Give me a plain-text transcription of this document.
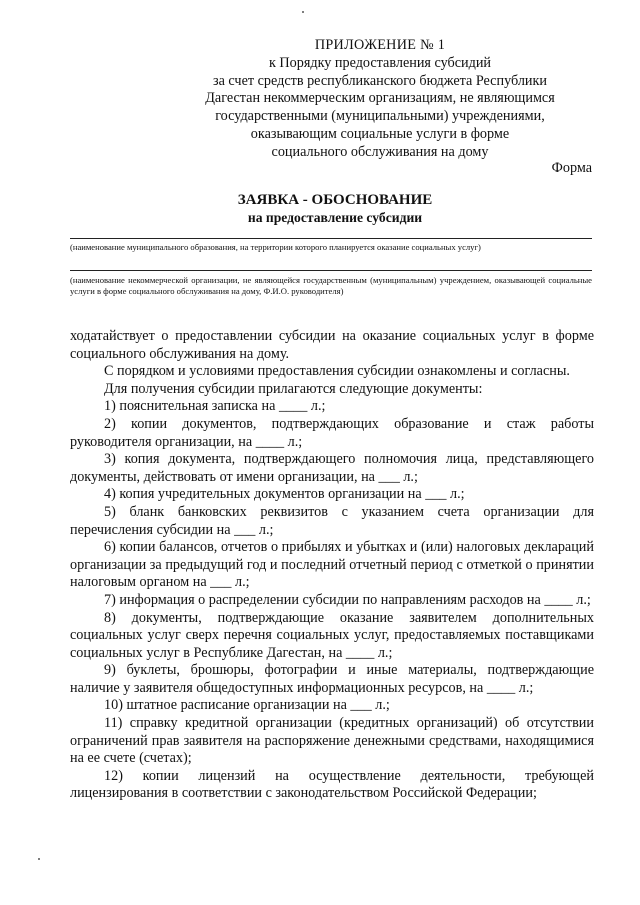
ПРИЛОЖЕНИЕ № 1
к Порядку предоставления субсидий
за счет средств республиканского бюджета Республики
Дагестан некоммерческим организациям, не являющимся
государственными (муниципальными) учреждениями,
оказывающим социальные услуги в форме
социального обслуживания на дому
Форма
ЗАЯВКА - ОБОСНОВАНИЕ
на предоставление субсидии
(наименование муниципального образования, на территории которого планируется оказание социальных услуг)
(наименование некоммерческой организации, не являющейся государственным (муниципальным) учреждением, оказывающей социальные услуги в форме социального обслуживания на дому, Ф.И.О. руководителя)

ходатайствует о предоставлении субсидии на оказание социальных услуг в форме социального обслуживания на дому.

С порядком и условиями предоставления субсидии ознакомлены и согласны.

Для получения субсидии прилагаются следующие документы:

1) пояснительная записка на ____ л.;

2) копии документов, подтверждающих образование и стаж работы руководителя организации, на ____ л.;

3) копия документа, подтверждающего полномочия лица, представляющего документы, действовать от имени организации, на ___ л.;

4) копия учредительных документов организации на ___ л.;

5) бланк банковских реквизитов с указанием счета организации для перечисления субсидии на ___ л.;

6) копии балансов, отчетов о прибылях и убытках и (или) налоговых деклараций организации за предыдущий год и последний отчетный период с отметкой о принятии налоговым органом на ___ л.;

7) информация о распределении субсидии по направлениям расходов на ____ л.;

8) документы, подтверждающие оказание заявителем дополнительных социальных услуг сверх перечня социальных услуг, предоставляемых поставщиками социальных услуг в Республике Дагестан, на ____ л.;

9) буклеты, брошюры, фотографии и иные материалы, подтверждающие наличие у заявителя общедоступных информационных ресурсов, на ____ л.;

10) штатное расписание организации на ___ л.;

11) справку кредитной организации (кредитных организаций) об отсутствии ограничений прав заявителя на распоряжение денежными средствами, находящимися на ее счете (счетах);

12) копии лицензий на осуществление деятельности, требующей лицензирования в соответствии с законодательством Российской Федерации;
